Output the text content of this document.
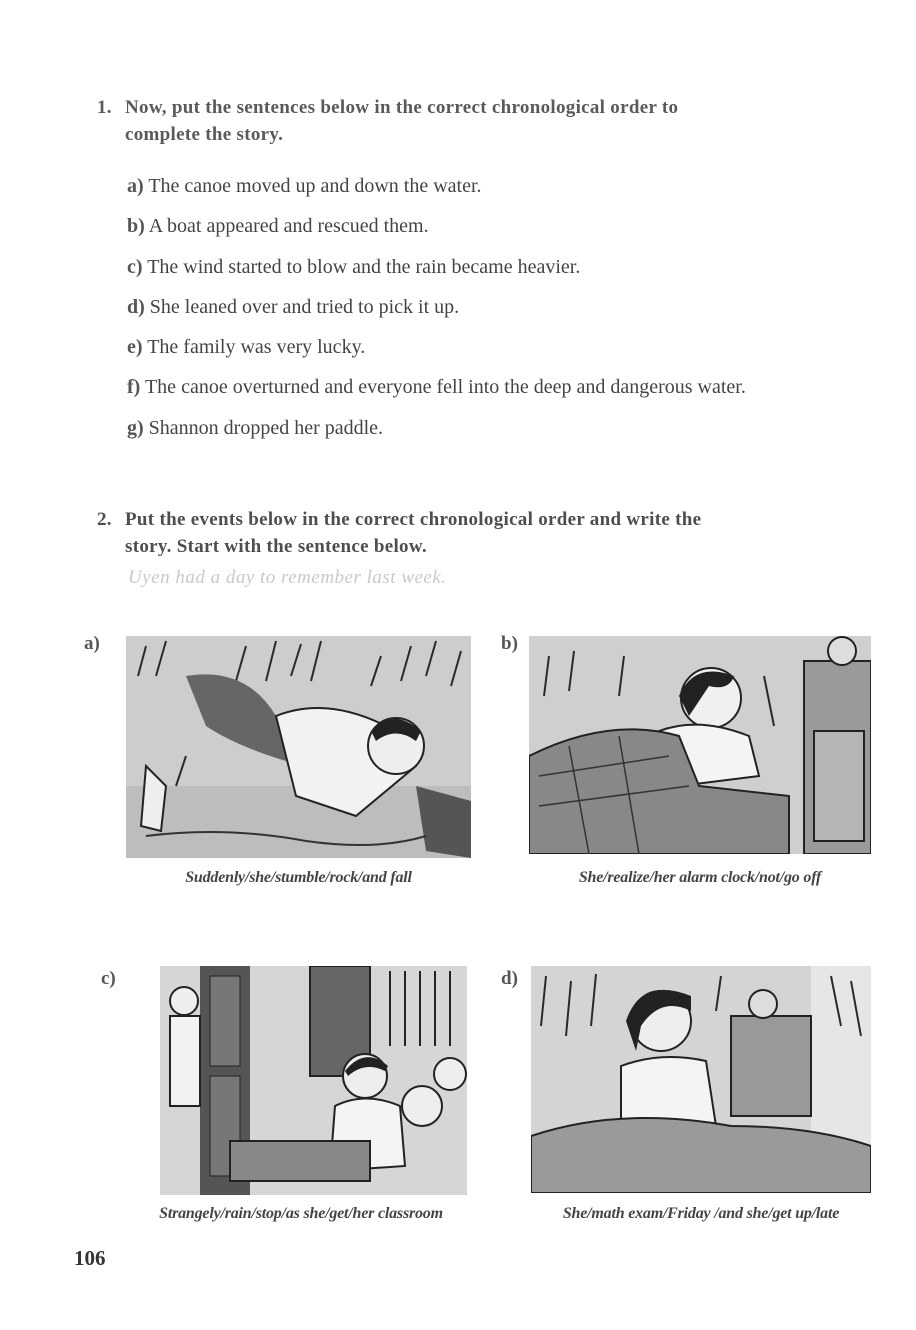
1. Now, put the sentences below in the correct chronological order to
complete the story.
a) The canoe moved up and down the water.
b) A boat appeared and rescued them.
c) The wind started to blow and the rain became heavier.
d) She leaned over and tried to pick it up.
e) The family was very lucky.
f) The canoe overturned and everyone fell into the deep and dangerous water.
g) Shannon dropped her paddle.
2. Put the events below in the correct chronological order and write the
story. Start with the sentence below.
Uyen had a day to remember last week.
a)
Suddenly/she/stumble/rock/and fall
b)
She/realize/her alarm clock/not/go off
c)
Strangely/rain/stop/as she/get/her classroom
d)
She/math exam/Friday /and she/get up/late
106
